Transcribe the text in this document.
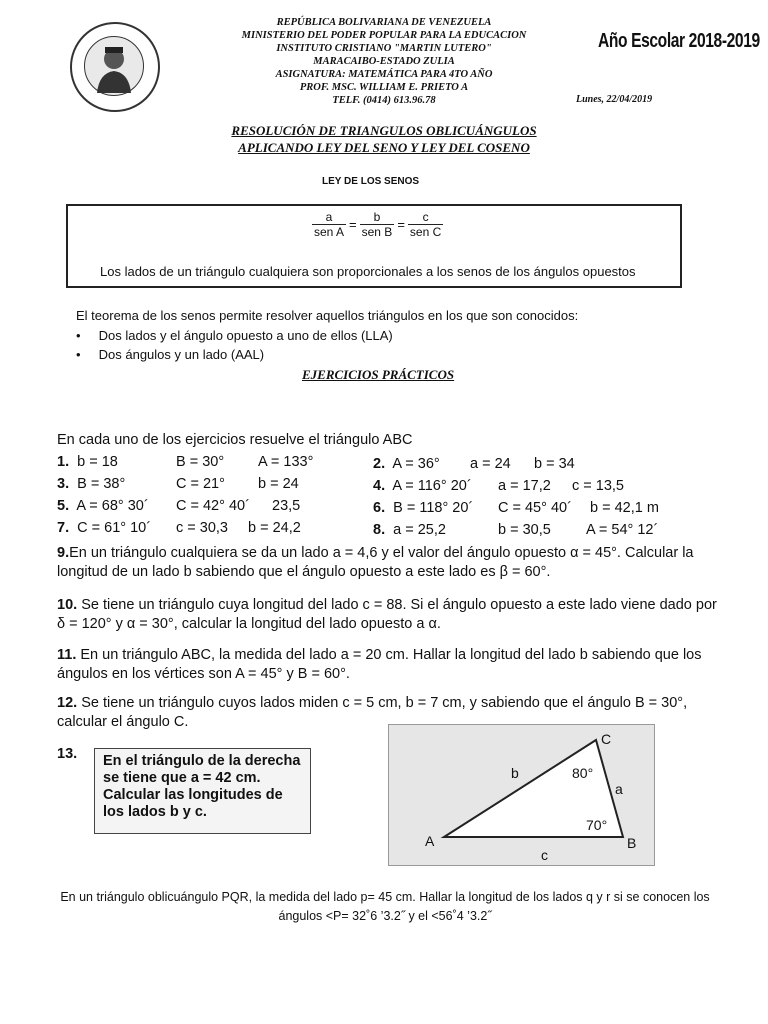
REPÚBLICA BOLIVARIANA DE VENEZUELA
MINISTERIO DEL PODER POPULAR PARA LA EDUCACION
INSTITUTO CRISTIANO "MARTIN LUTERO"
MARACAIBO-ESTADO ZULIA
ASIGNATURA: MATEMÁTICA PARA 4TO AÑO
PROF. MSC. WILLIAM E. PRIETO A
TELF. (0414) 613.96.78
Año Escolar 2018-2019
Lunes, 22/04/2019
RESOLUCIÓN DE TRIANGULOS OBLICUÁNGULOS
APLICANDO LEY DEL SENO Y LEY DEL COSENO
LEY DE LOS SENOS
$\frac{a}{\text{sen A}} = \frac{b}{\text{sen B}} = \frac{c}{\text{sen C}}$
Los lados de un triángulo cualquiera son proporcionales a los senos de los ángulos opuestos
El teorema de los senos permite resolver aquellos triángulos en los que son conocidos:
•     Dos lados y el ángulo opuesto a uno de ellos (LLA)
•     Dos ángulos y un lado (AAL)
EJERCICIOS PRÁCTICOS
En cada uno de los ejercicios resuelve el triángulo ABC
1. b = 18	B = 30° A = 133°	2. A = 36° a = 24 b = 34
3. B = 38°	C = 21° b = 24	4. A = 116° 20´ a = 17,2 c = 13,5
5. A = 68° 30´ C = 42° 40´ 23,5	6. B = 118° 20´ C = 45° 40´ b = 42,1 m
7. C = 61° 10´ c = 30,3 b = 24,2	8. a = 25,2	b = 30,5 A = 54° 12´
9.En un triángulo cualquiera se da un lado a = 4,6 y el valor del ángulo opuesto α = 45°. Calcular la longitud de un lado b sabiendo que el ángulo opuesto a este lado es β = 60°.
10. Se tiene un triángulo cuya longitud del lado c = 88. Si el ángulo opuesto a este lado viene dado por δ = 120° y α = 30°, calcular la longitud del lado opuesto a α.
11. En un triángulo ABC, la medida del lado a = 20 cm. Hallar la longitud del lado b sabiendo que los ángulos en los vértices son A = 45° y B = 60°.
12. Se tiene un triángulo cuyos lados miden c = 5 cm, b = 7 cm, y sabiendo que el ángulo B = 30°, calcular el ángulo C.
13.	En el triángulo de la derecha se tiene que a = 42 cm. Calcular las longitudes de los lados b y c.
A	B
C
b
a
c
80°
70°
En un triángulo oblicuángulo PQR, la medida del lado p= 45 cm. Hallar la longitud de los lados q y r si se conocen los ángulos <P= 32˚6 ’3.2˝ y el <56˚4 ’3.2˝
